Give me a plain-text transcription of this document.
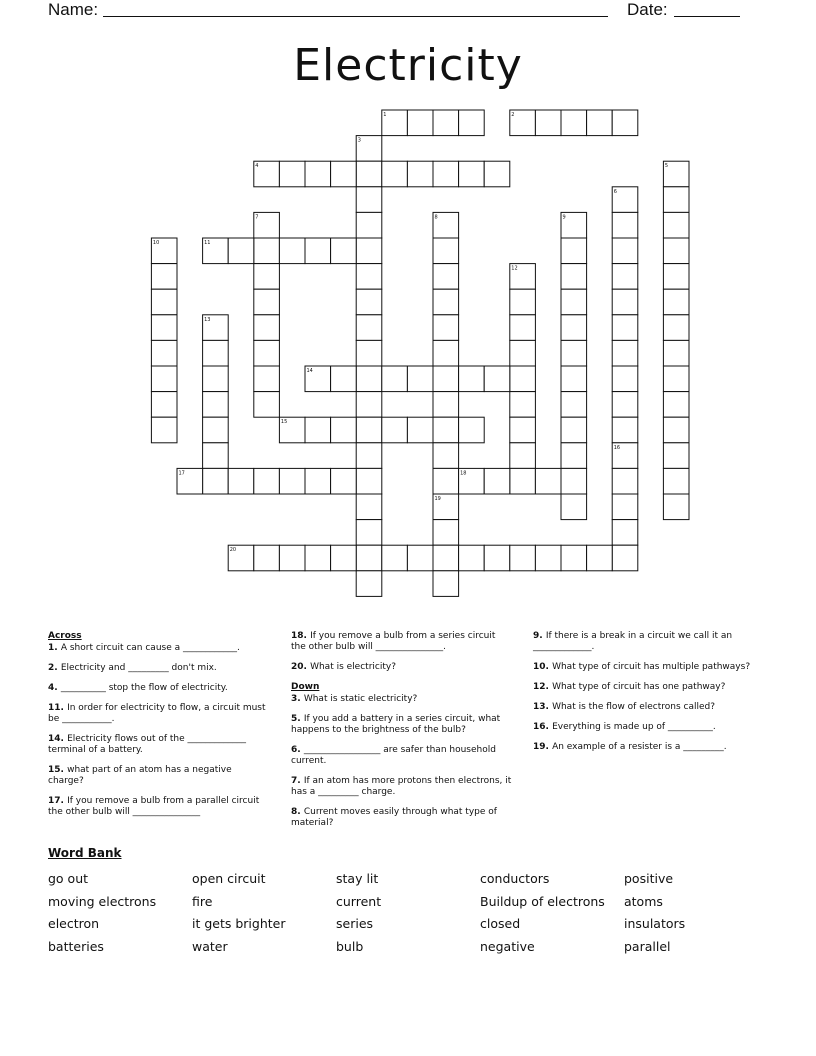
Name:	Date:
Electricity
1	2
3
4	5
6
7	8
19
9
10	11
12
13
14
15
16
17	18
20
Across
1. A short circuit can cause a ____________.
2. Electricity and _________ don't mix.
4. __________ stop the flow of electricity.
11. In order for electricity to flow, a circuit must be ___________.
14. Electricity flows out of the _____________ terminal of a battery.
15. what part of an atom has a negative charge?
17. If you remove a bulb from a parallel circuit the other bulb will _______________
18. If you remove a bulb from a series circuit the other bulb will _______________.
20. What is electricity?
Down
3. What is static electricity?
5. If you add a battery in a series circuit, what happens to the brightness of the bulb?
6. _________________ are safer than household current.
7. If an atom has more protons then electrons, it has a _________ charge.
8. Current moves easily through what type of material?
9. If there is a break in a circuit we call it an _____________.
10. What type of circuit has multiple pathways?
12. What type of circuit has one pathway?
13. What is the flow of electrons called?
16. Everything is made up of __________.
19. An example of a resister is a _________.
Word Bank
go out
moving electrons
electron
batteries
open circuit
fire
it gets brighter
water
stay lit
current
series
bulb
conductors
Buildup of electrons
closed
negative
positive
atoms
insulators
parallel
